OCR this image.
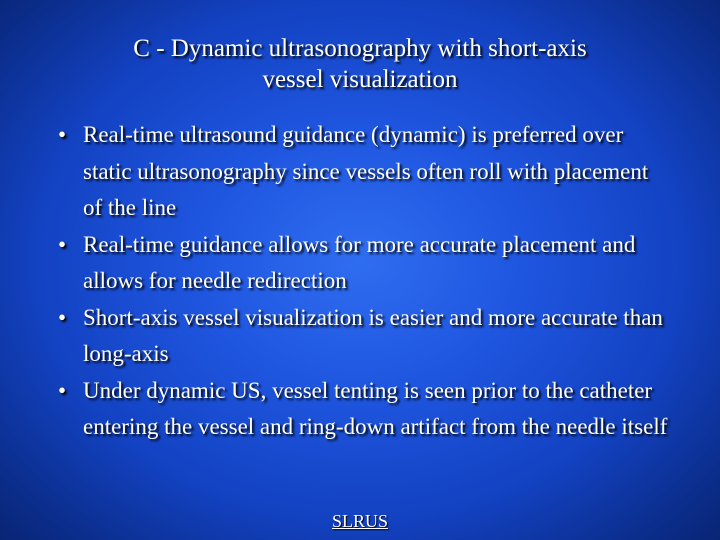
C - Dynamic ultrasonography with short-axis
vessel visualization
• Real-time ultrasound guidance (dynamic) is preferred over static ultrasonography since vessels often roll with placement of the line
• Real-time guidance allows for more accurate placement and allows for needle redirection
• Short-axis vessel visualization is easier and more accurate than long-axis
• Under dynamic US, vessel tenting is seen prior to the catheter entering the vessel and ring-down artifact from the needle itself
SLRUS
